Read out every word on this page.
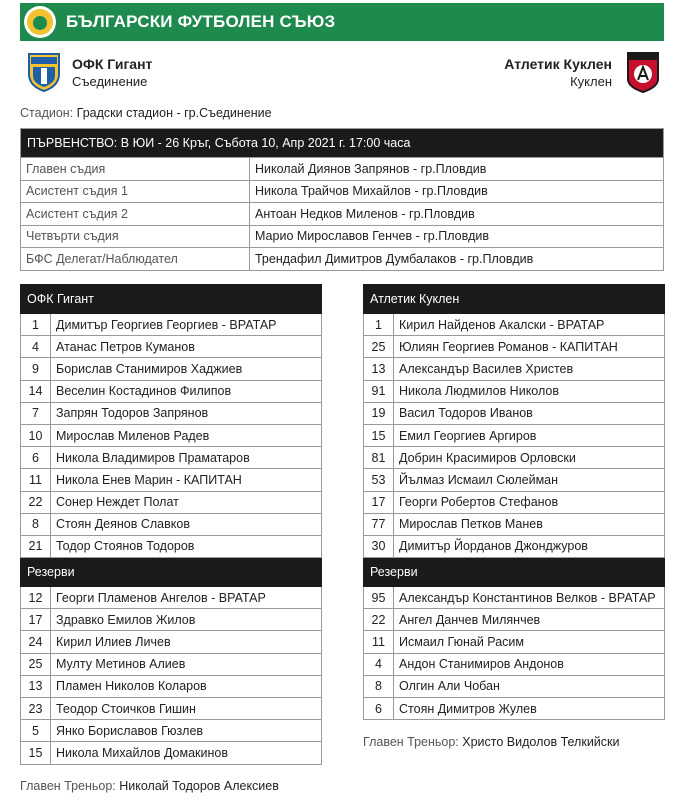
БЪЛГАРСКИ ФУТБОЛЕН СЪЮЗ
ОФК Гигант
Съединение
Атлетик Куклен
Куклен
Стадион: Градски стадион - гр.Съединение
ПЪРВЕНСТВО: В ЮИ - 26 Кръг, Събота 10, Апр 2021 г. 17:00 часа	
Главен съдия	Николай Диянов Запрянов - гр.Пловдив
Асистент съдия 1	Никола Трайчов Михайлов - гр.Пловдив
Асистент съдия 2	Антоан Недков Миленов - гр.Пловдив
Четвърти съдия	Марио Мирославов Генчев - гр.Пловдив
БФС Делегат/Наблюдател	Трендафил Димитров Думбалаков - гр.Пловдив
ОФК Гигант	
1	Димитър Георгиев Георгиев - ВРАТАР
4	Атанас Петров Куманов
9	Борислав Станимиров Хаджиев
14	Веселин Костадинов Филипов
7	Запрян Тодоров Запрянов
10	Мирослав Миленов Радев
6	Никола Владимиров Праматаров
11	Никола Енев Марин - КАПИТАН
22	Сонер Неждет Полат
8	Стоян Деянов Славков
21	Тодор Стоянов Тодоров
Резерви	
12	Георги Пламенов Ангелов - ВРАТАР
17	Здравко Емилов Жилов
24	Кирил Илиев Личев
25	Мулту Метинов Алиев
13	Пламен Николов Коларов
23	Теодор Стоичков Гишин
5	Янко Бориславов Гюзлев
15	Никола Михайлов Домакинов
Атлетик Куклен	
1	Кирил Найденов Акалски - ВРАТАР
25	Юлиян Георгиев Романов - КАПИТАН
13	Александър Василев Христев
91	Никола Людмилов Николов
19	Васил Тодоров Иванов
15	Емил Георгиев Аргиров
81	Добрин Красимиров Орловски
53	Йълмаз Исмаил Сюлейман
17	Георги Робертов Стефанов
77	Мирослав Петков Манев
30	Димитър Йорданов Джонджуров
Резерви	
95	Александър Константинов Велков - ВРАТАР
22	Ангел Данчев Милянчев
11	Исмаил Гюнай Расим
4	Андон Станимиров Андонов
8	Олгин Али Чобан
6	Стоян Димитров Жулев
Главен Треньор: Николай Тодоров Алексиев
Главен Треньор: Христо Видолов Телкийски
